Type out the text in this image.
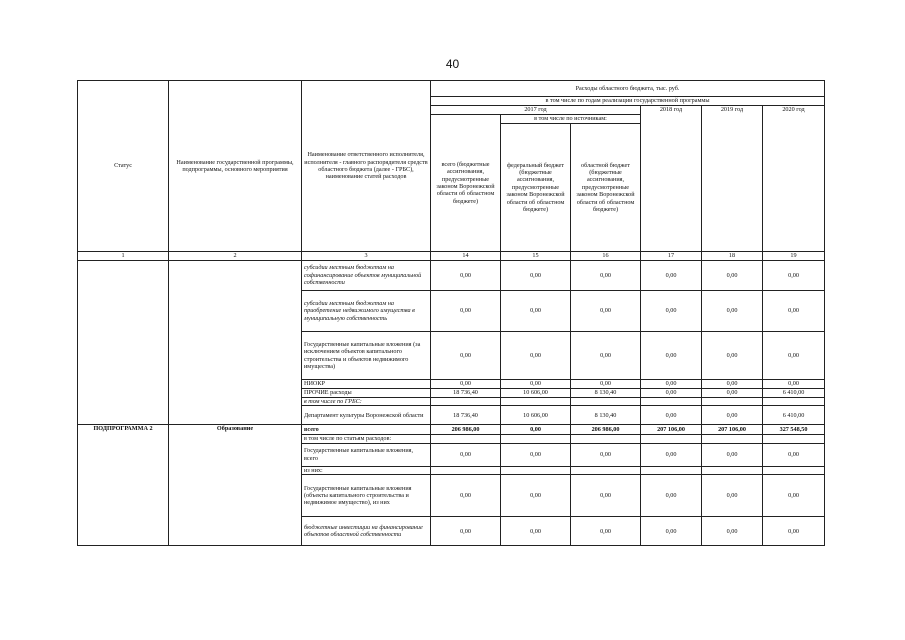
40
Статус	Наименование государственной программы, подпрограммы, основного мероприятия	Наименование ответственного исполнителя, исполнителя - главного распорядителя средств областного бюджета (далее - ГРБС), наименование статей расходов	Расходы областного бюджета, тыс. руб.					
			в том числе по годам реализации государственной программы					
			2017 год			2018 год	2019 год	2020 год
			всего (бюджетные ассигнования, предусмотренные законом Воронежской области об областном бюджете)	в том числе по источникам:				
				федеральный бюджет (бюджетные ассигнования, предусмотренные законом Воронежской области об областном бюджете)	областной бюджет (бюджетные ассигнования, предусмотренные законом Воронежской области об областном бюджете)			
1	2	3	14	15	16	17	18	19
		субсидии местным бюджетам на софинансирование объектов муниципальной собственности	0,00	0,00	0,00	0,00	0,00	0,00
		субсидии местным бюджетам на приобретение недвижимого имущества в муниципальную собственность	0,00	0,00	0,00	0,00	0,00	0,00
		Государственные капитальные вложения (за исключением объектов капитального строительства и объектов недвижимого имущества)	0,00	0,00	0,00	0,00	0,00	0,00
		НИОКР	0,00	0,00	0,00	0,00	0,00	0,00
		ПРОЧИЕ расходы	18 736,40	10 606,00	8 130,40	0,00	0,00	6 410,00
		в том числе по ГРБС:						
		Департамент культуры Воронежской области	18 736,40	10 606,00	8 130,40	0,00	0,00	6 410,00
ПОДПРОГРАММА 2	Образование	всего	206 986,00	0,00	206 986,00	207 106,00	207 106,00	327 548,50
		в том числе по статьям расходов:						
		Государственные капитальные вложения, всего	0,00	0,00	0,00	0,00	0,00	0,00
		из них:						
		Государственные капитальные вложения (объекты капитального строительства и недвижимое имущество), из них	0,00	0,00	0,00	0,00	0,00	0,00
		бюджетные инвестиции на финансирование объектов областной собственности	0,00	0,00	0,00	0,00	0,00	0,00
